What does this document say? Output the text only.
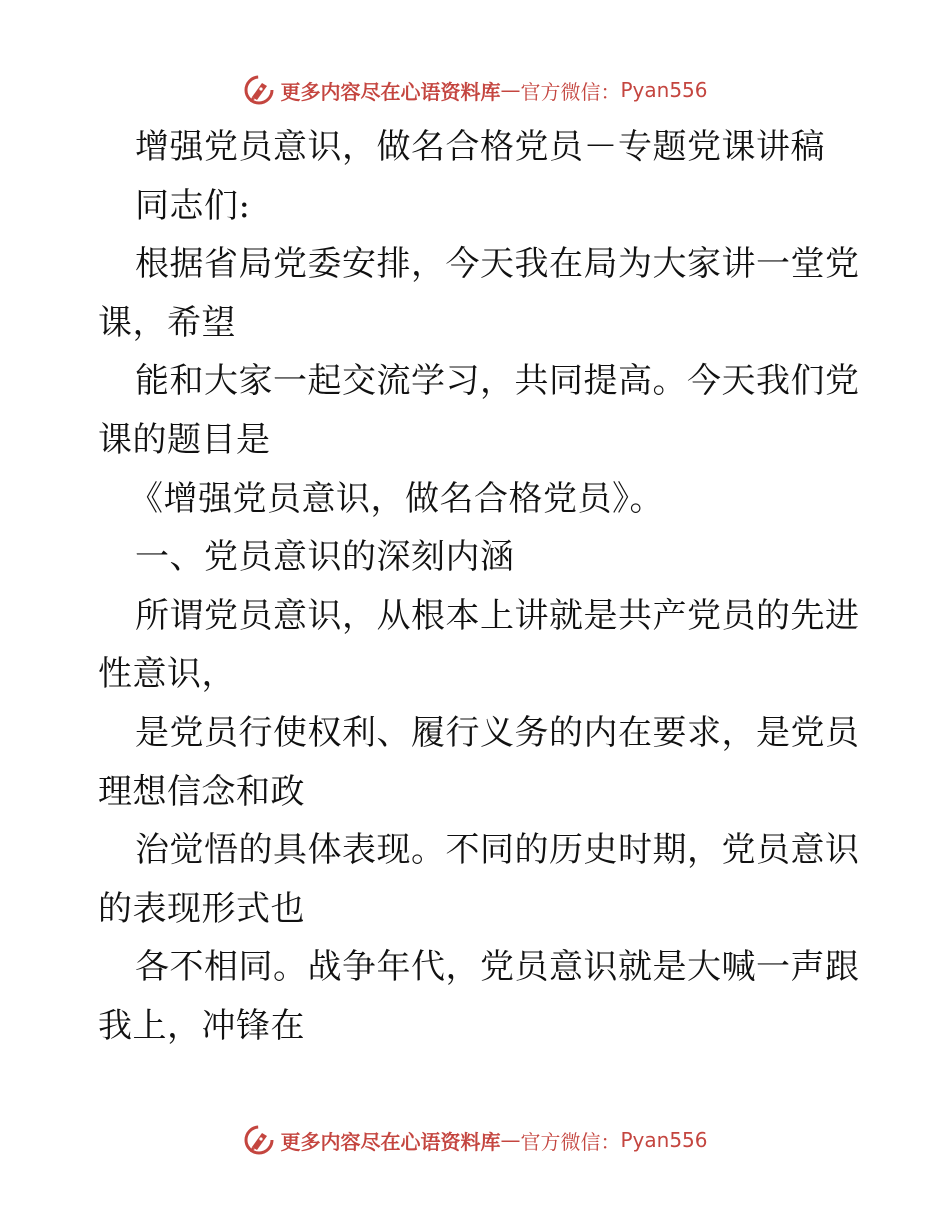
更多内容尽在心语资料库 — 官方微信： Pyan556
增强党员意识，做名合格党员－专题党课讲稿
同志们:
根据省局党委安排，今天我在局为大家讲一堂党
课，希望
能和大家一起交流学习，共同提高。今天我们党
课的题目是
《增强党员意识，做名合格党员》。
一、党员意识的深刻内涵
所谓党员意识，从根本上讲就是共产党员的先进
性意识，
是党员行使权利、履行义务的内在要求，是党员
理想信念和政
治觉悟的具体表现。不同的历史时期，党员意识
的表现形式也
各不相同。战争年代，党员意识就是大喊一声跟
我上，冲锋在
更多内容尽在心语资料库 — 官方微信： Pyan556
